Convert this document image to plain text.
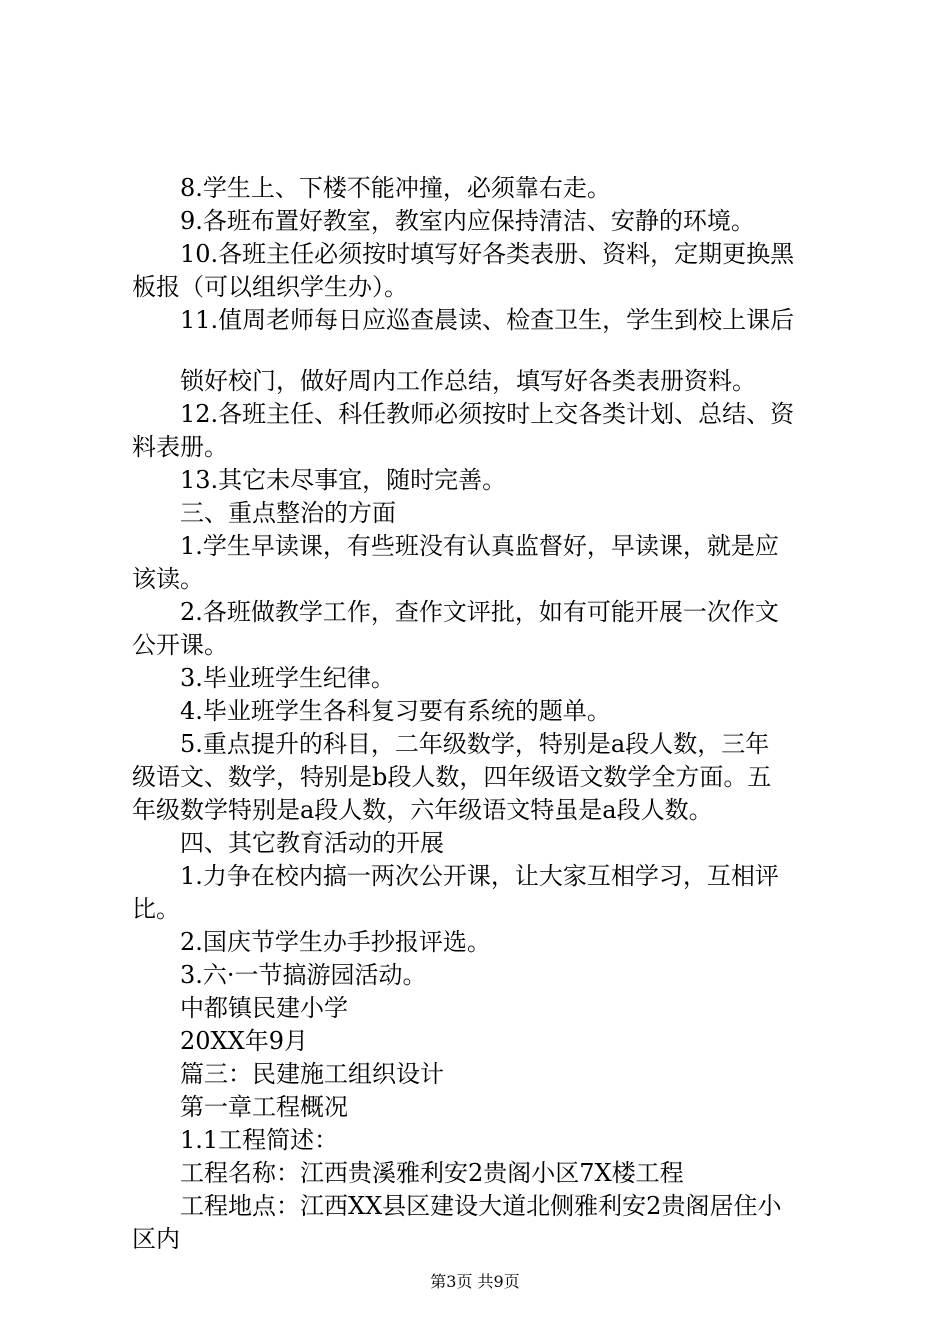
8.学生上、下楼不能冲撞，必须靠右走。
9.各班布置好教室，教室内应保持清洁、安静的环境。
10.各班主任必须按时填写好各类表册、资料，定期更换黑
板报（可以组织学生办）。
11.值周老师每日应巡查晨读、检查卫生，学生到校上课后
锁好校门，做好周内工作总结，填写好各类表册资料。
12.各班主任、科任教师必须按时上交各类计划、总结、资
料表册。
13.其它未尽事宜，随时完善。
三、重点整治的方面
1.学生早读课，有些班没有认真监督好，早读课，就是应
该读。
2.各班做教学工作，查作文评批，如有可能开展一次作文
公开课。
3.毕业班学生纪律。
4.毕业班学生各科复习要有系统的题单。
5.重点提升的科目，二年级数学，特别是a段人数，三年
级语文、数学，特别是b段人数，四年级语文数学全方面。五
年级数学特别是a段人数，六年级语文特虽是a段人数。
四、其它教育活动的开展
1.力争在校内搞一两次公开课，让大家互相学习，互相评
比。
2.国庆节学生办手抄报评选。
3.六·一节搞游园活动。
中都镇民建小学
20XX年9月
篇三：民建施工组织设计
第一章工程概况
1.1工程简述：
工程名称：江西贵溪雅利安2贵阁小区7X楼工程
工程地点：江西XX县区建设大道北侧雅利安2贵阁居住小
区内
第3页 共9页
